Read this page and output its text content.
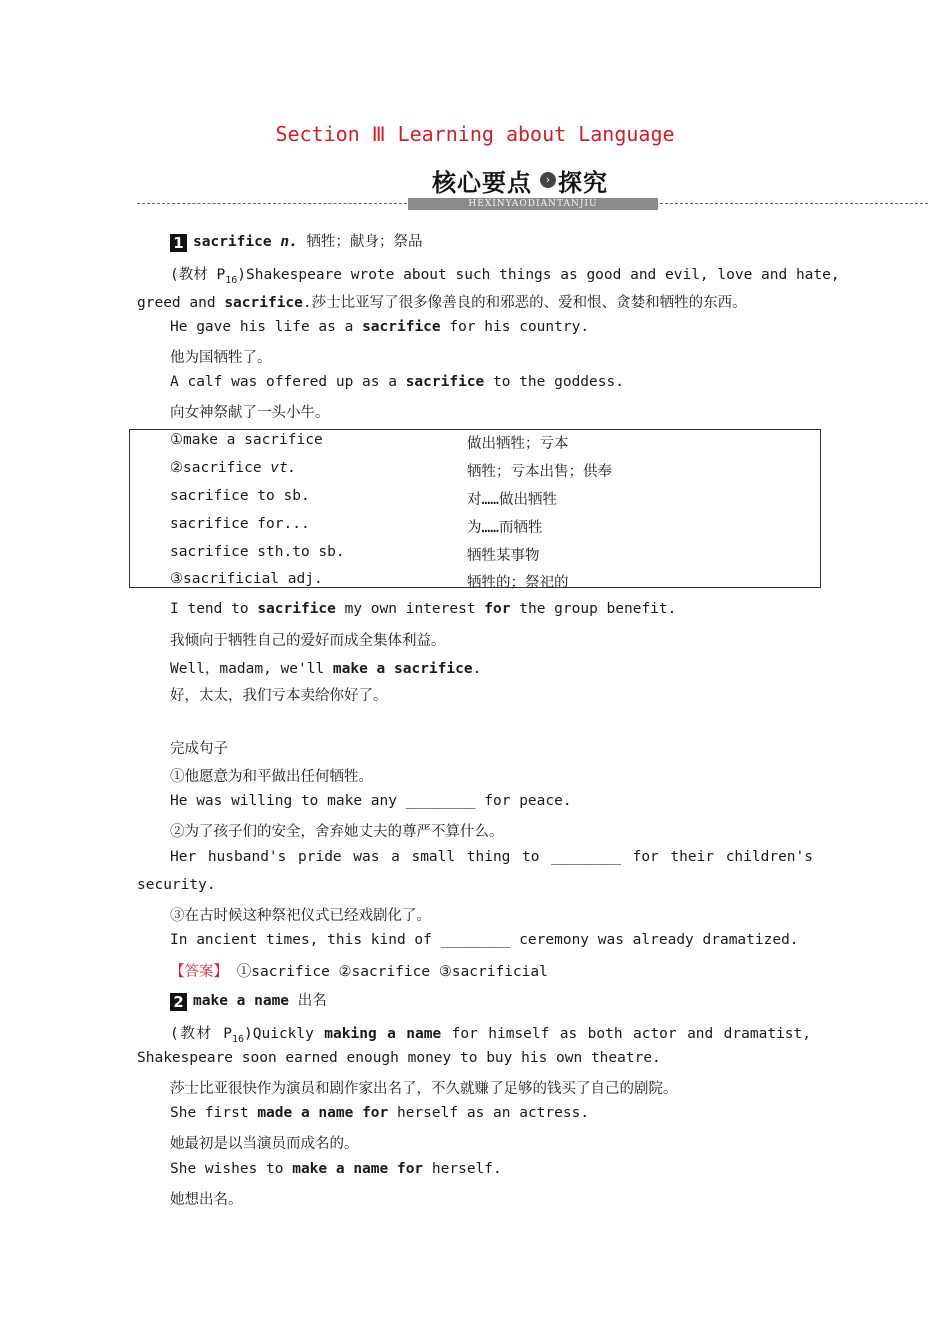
Section Ⅲ Learning about Language
核心要点 探究
›
HEXINYAODIANTANJIU
1 sacrifice n. 牺牲；献身；祭品
(教材 $P_{16})Shakespeare$ wrote about such things as good and evil, love and hate,
greed and sacrifice.莎士比亚写了很多像善良的和邪恶的、爱和恨、贪婪和牺牲的东西。
He gave his life as a sacrifice for his country.
他为国牺牲了。
A calf was offered up as a sacrifice to the goddess.
向女神祭献了一头小牛。
①make a sacrifice	做出牺牲；亏本
②sacrifice vt.	牺牲；亏本出售；供奉
sacrifice to sb.	对……做出牺牲
sacrifice for...	为……而牺牲
sacrifice sth.to sb.	牺牲某事物
③sacrificial adj.	牺牲的；祭祀的
I tend to sacrifice my own interest for the group benefit.
我倾向于牺牲自己的爱好而成全集体利益。
Well，madam, we'll make a sacrifice.
好，太太，我们亏本卖给你好了。
完成句子
①他愿意为和平做出任何牺牲。
He was willing to make any ________ for peace.
②为了孩子们的安全，舍弃她丈夫的尊严不算什么。
Her husband's pride was a small thing to ________ for their children's
security.
③在古时候这种祭祀仪式已经戏剧化了。
In ancient times, this kind of ________ ceremony was already dramatized.
【答案】 ①sacrifice ②sacrifice ③sacrificial
2 make a name 出名
(教材 $P_{16})Quickly$ making a name for himself as both actor and dramatist,
Shakespeare soon earned enough money to buy his own theatre.
莎士比亚很快作为演员和剧作家出名了，不久就赚了足够的钱买了自己的剧院。
She first made a name for herself as an actress.
她最初是以当演员而成名的。
She wishes to make a name for herself.
她想出名。
